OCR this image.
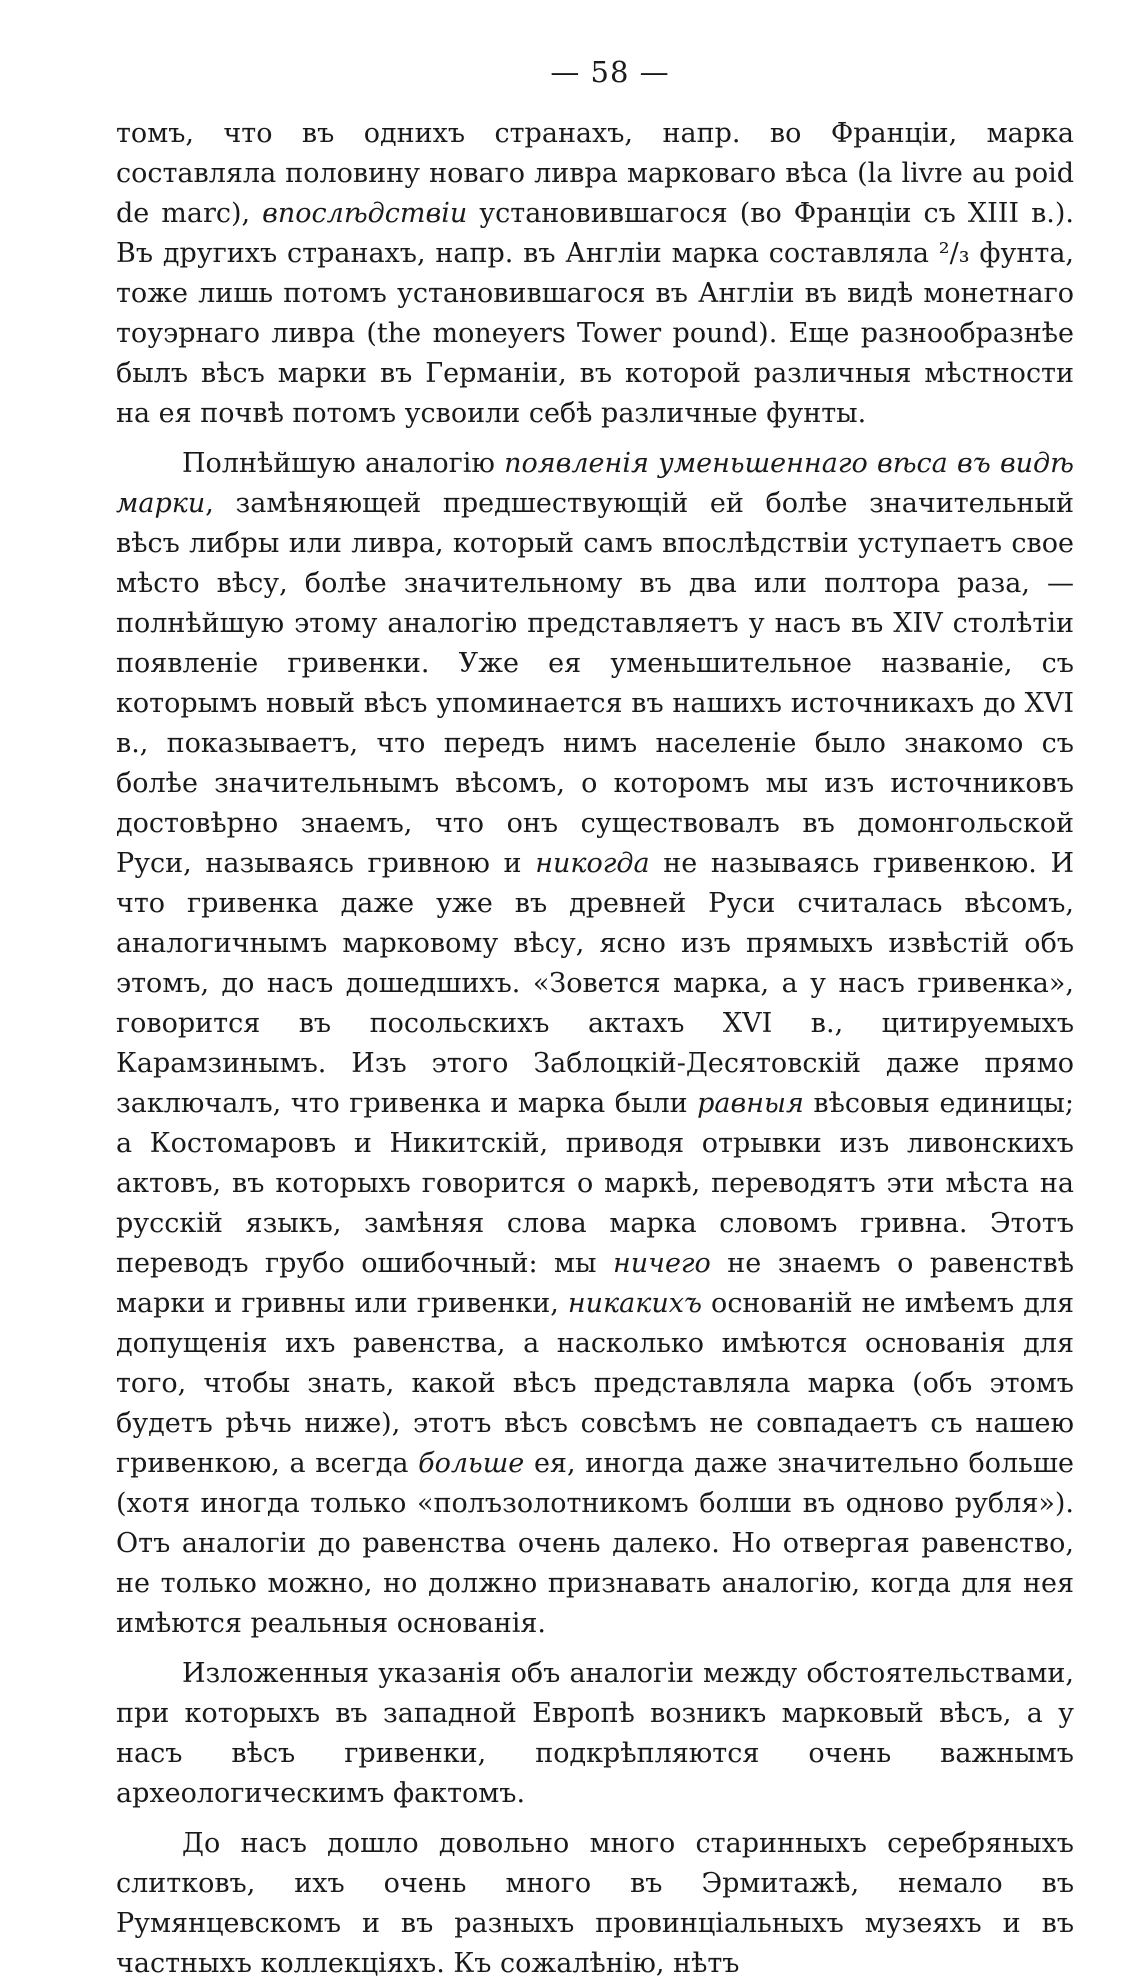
— 58 —

томъ, что въ однихъ странахъ, напр. во Франціи, марка составляла половину новаго ливра марковаго вѣса (la livre au poid de marc), впослѣдствіи установившагося (во Франціи съ XIII в.). Въ другихъ странахъ, напр. въ Англіи марка составляла ²/₃ фунта, тоже лишь потомъ установившагося въ Англіи въ видѣ монетнаго тоуэрнаго ливра (the moneyers Tower pound). Еще разнообразнѣе былъ вѣсъ марки въ Германіи, въ которой различныя мѣстности на ея почвѣ потомъ усвоили себѣ различные фунты.

Полнѣйшую аналогію появленія уменьшеннаго вѣса въ видѣ марки, замѣняющей предшествующій ей болѣе значительный вѣсъ либры или ливра, который самъ впослѣдствіи уступаетъ свое мѣсто вѣсу, болѣе значительному въ два или полтора раза, — полнѣйшую этому аналогію представляетъ у насъ въ XIV столѣтіи появленіе гривенки. Уже ея уменьшительное названіе, съ которымъ новый вѣсъ упоминается въ нашихъ источникахъ до XVI в., показываетъ, что передъ нимъ населеніе было знакомо съ болѣе значительнымъ вѣсомъ, о которомъ мы изъ источниковъ достовѣрно знаемъ, что онъ существовалъ въ домонгольской Руси, называясь гривною и никогда не называясь гривенкою. И что гривенка даже уже въ древней Руси считалась вѣсомъ, аналогичнымъ марковому вѣсу, ясно изъ прямыхъ извѣстій объ этомъ, до насъ дошедшихъ. «Зовется марка, а у насъ гривенка», говорится въ посольскихъ актахъ XVI в., цитируемыхъ Карамзинымъ. Изъ этого Заблоцкій-Десятовскій даже прямо заключалъ, что гривенка и марка были равныя вѣсовыя единицы; а Костомаровъ и Никитскій, приводя отрывки изъ ливонскихъ актовъ, въ которыхъ говорится о маркѣ, переводятъ эти мѣста на русскій языкъ, замѣняя слова марка словомъ гривна. Этотъ переводъ грубо ошибочный: мы ничего не знаемъ о равенствѣ марки и гривны или гривенки, никакихъ основаній не имѣемъ для допущенія ихъ равенства, а насколько имѣются основанія для того, чтобы знать, какой вѣсъ представляла марка (объ этомъ будетъ рѣчь ниже), этотъ вѣсъ совсѣмъ не совпадаетъ съ нашею гривенкою, а всегда больше ея, иногда даже значительно больше (хотя иногда только «полъзолотникомъ болши въ одново рубля»). Отъ аналогіи до равенства очень далеко. Но отвергая равенство, не только можно, но должно признавать аналогію, когда для нея имѣются реальныя основанія.

Изложенныя указанія объ аналогіи между обстоятельствами, при которыхъ въ западной Европѣ возникъ марковый вѣсъ, а у насъ вѣсъ гривенки, подкрѣпляются очень важнымъ археологическимъ фактомъ.

До насъ дошло довольно много старинныхъ серебряныхъ слитковъ, ихъ очень много въ Эрмитажѣ, немало въ Румянцевскомъ и въ разныхъ провинціальныхъ музеяхъ и въ частныхъ коллекціяхъ. Къ сожалѣнію, нѣтъ
